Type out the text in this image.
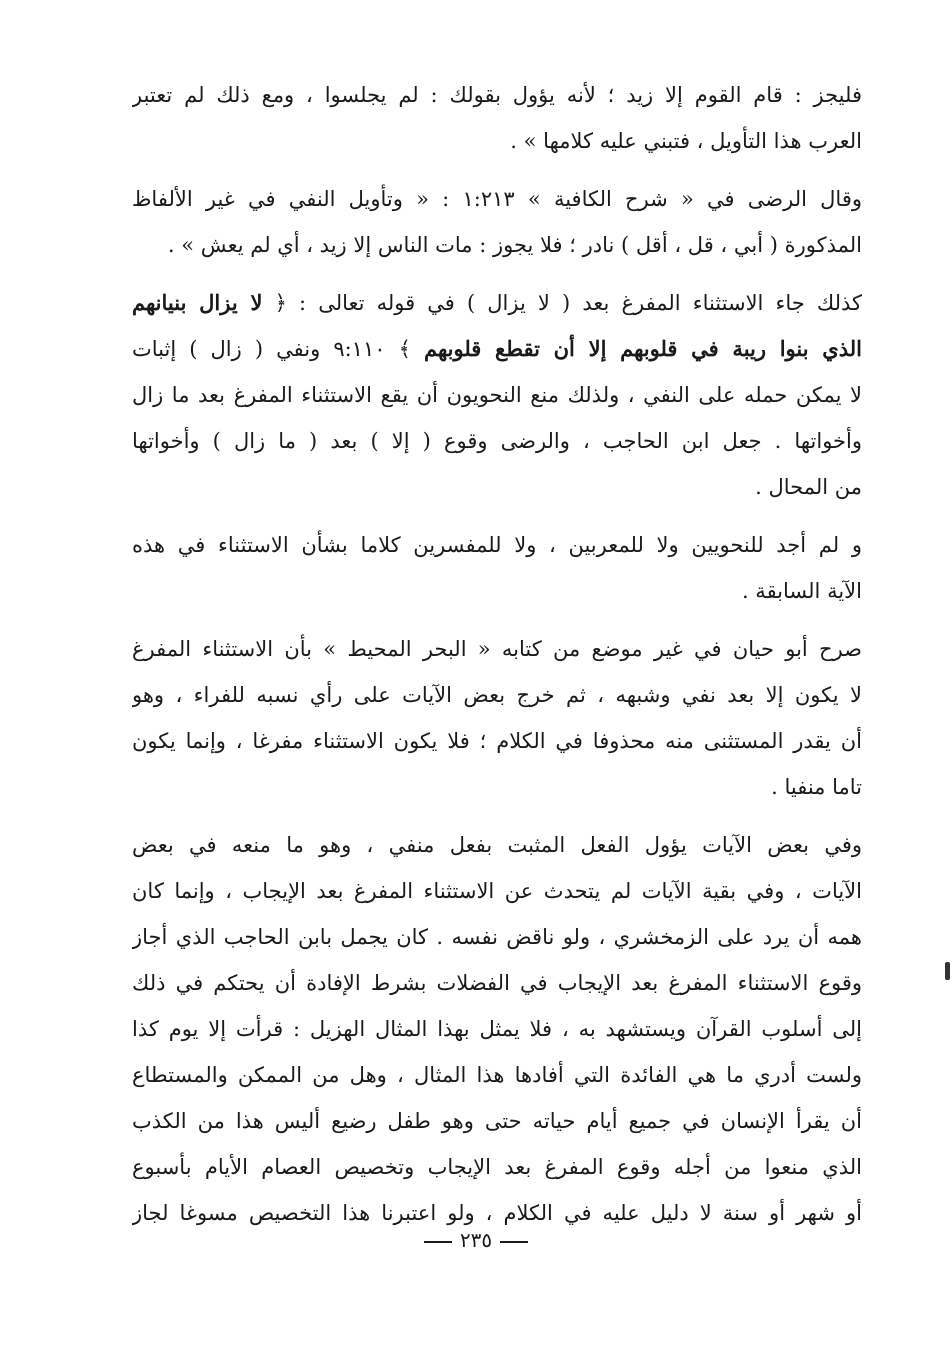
فليجز : قام القوم إلا زيد ؛ لأنه يؤول بقولك : لم يجلسوا ، ومع ذلك لم تعتبر
العرب هذا التأويل ، فتبني عليه كلامها » .
وقال الرضى في « شرح الكافية » ١:٢١٣ : « وتأويل النفي في غير الألفاظ
المذكورة ( أبي ، قل ، أقل ) نادر ؛ فلا يجوز : مات الناس إلا زيد ، أي لم يعش » .
كذلك جاء الاستثناء المفرغ بعد ( لا يزال ) في قوله تعالى : ﴿ لا يزال بنيانهم
الذي بنوا ريبة في قلوبهم إلا أن تقطع قلوبهم ﴾ ٩:١١٠ ونفي ( زال ) إثبات
لا يمكن حمله على النفي ، ولذلك منع النحويون أن يقع الاستثناء المفرغ بعد ما زال
وأخواتها . جعل ابن الحاجب ، والرضى وقوع ( إلا ) بعد ( ما زال ) وأخواتها
من المحال .
و لم أجد للنحويين ولا للمعربين ، ولا للمفسرين كلاما بشأن الاستثناء في هذه
الآية السابقة .
صرح أبو حيان في غير موضع من كتابه « البحر المحيط » بأن الاستثناء المفرغ
لا يكون إلا بعد نفي وشبهه ، ثم خرج بعض الآيات على رأي نسبه للفراء ، وهو
أن يقدر المستثنى منه محذوفا في الكلام ؛ فلا يكون الاستثناء مفرغا ، وإنما يكون
تاما منفيا .
وفي بعض الآيات يؤول الفعل المثبت بفعل منفي ، وهو ما منعه في بعض
الآيات ، وفي بقية الآيات لم يتحدث عن الاستثناء المفرغ بعد الإيجاب ، وإنما كان
همه أن يرد على الزمخشري ، ولو ناقض نفسه . كان يجمل بابن الحاجب الذي أجاز
وقوع الاستثناء المفرغ بعد الإيجاب في الفضلات بشرط الإفادة أن يحتكم في ذلك
إلى أسلوب القرآن ويستشهد به ، فلا يمثل بهذا المثال الهزيل : قرأت إلا يوم كذا
ولست أدري ما هي الفائدة التي أفادها هذا المثال ، وهل من الممكن والمستطاع
أن يقرأ الإنسان في جميع أيام حياته حتى وهو طفل رضيع أليس هذا من الكذب
الذي منعوا من أجله وقوع المفرغ بعد الإيجاب وتخصيص العصام الأيام بأسبوع
أو شهر أو سنة لا دليل عليه في الكلام ، ولو اعتبرنا هذا التخصيص مسوغا لجاز
٢٣٥
